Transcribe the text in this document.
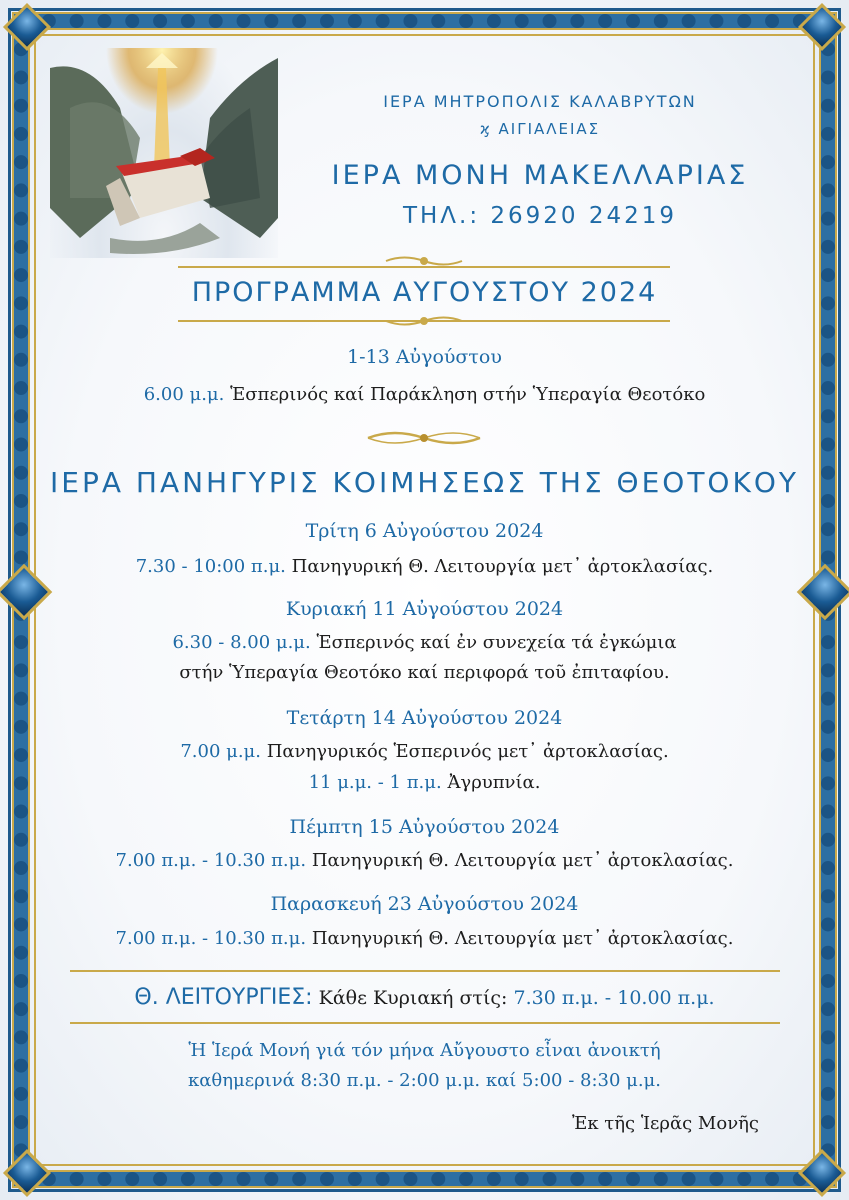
ΙΕΡΑ ΜΗΤΡΟΠΟΛΙΣ ΚΑΛΑΒΡΥΤΩΝ
ϗ ΑΙΓΙΑΛΕΙΑΣ
ΙΕΡΑ ΜΟΝΗ ΜΑΚΕΛΛΑΡΙΑΣ
ΤΗΛ.: 26920 24219
ΠΡΟΓΡΑΜΜΑ ΑΥΓΟΥΣΤΟΥ 2024
1-13 Αὐγούστου
6.00 μ.μ. Ἑσπερινός καί Παράκληση στήν Ὑπεραγία Θεοτόκο
ΙΕΡΑ ΠΑΝΗΓΥΡΙΣ ΚΟΙΜΗΣΕΩΣ ΤΗΣ ΘΕΟΤΟΚΟΥ
Τρίτη 6 Αὐγούστου 2024
7.30 - 10:00 π.μ. Πανηγυρική Θ. Λειτουργία μετ᾽ ἀρτοκλασίας.
Κυριακή 11 Αὐγούστου 2024
6.30 - 8.00 μ.μ. Ἑσπερινός καί ἐν συνεχεία τά ἐγκώμια
στήν Ὑπεραγία Θεοτόκο καί περιφορά τοῦ ἐπιταφίου.
Τετάρτη 14 Αὐγούστου 2024
7.00 μ.μ. Πανηγυρικός Ἑσπερινός μετ᾽ ἀρτοκλασίας.
11 μ.μ. - 1 π.μ. Ἀγρυπνία.
Πέμπτη 15 Αὐγούστου 2024
7.00 π.μ. - 10.30 π.μ. Πανηγυρική Θ. Λειτουργία μετ᾽ ἀρτοκλασίας.
Παρασκευή 23 Αὐγούστου 2024
7.00 π.μ. - 10.30 π.μ. Πανηγυρική Θ. Λειτουργία μετ᾽ ἀρτοκλασίας.
Θ. ΛΕΙΤΟΥΡΓΙΕΣ: Κάθε Κυριακή στίς: 7.30 π.μ. - 10.00 π.μ.
Ἡ Ἱερά Μονή γιά τόν μήνα Αὔγουστο εἶναι ἀνοικτή
καθημερινά 8:30 π.μ. - 2:00 μ.μ. καί 5:00 - 8:30 μ.μ.
Ἐκ τῆς Ἱερᾶς Μονῆς
